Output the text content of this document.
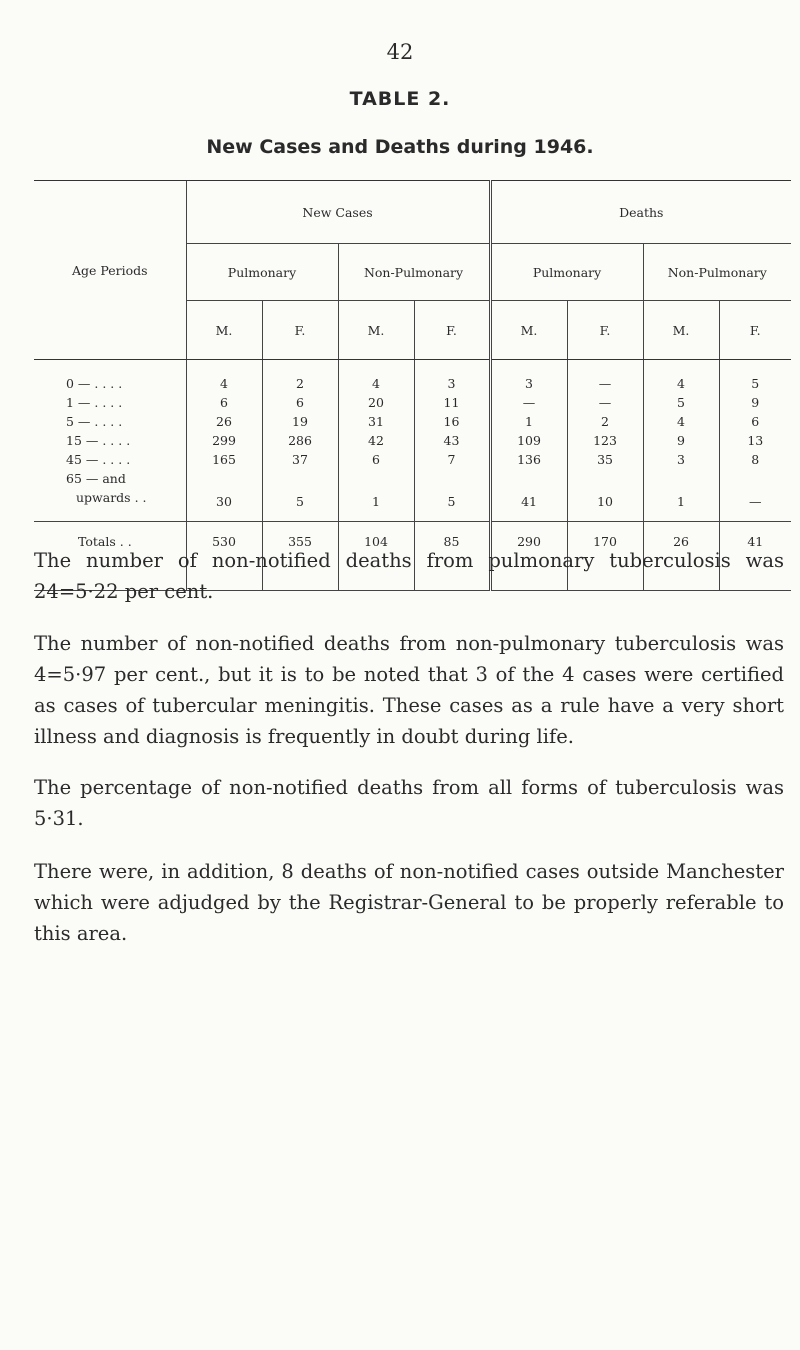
42
TABLE 2.
New Cases and Deaths during 1946.
Age Periods	New Cases				Deaths			
	Pulmonary		Non-Pulmonary		Pulmonary		Non-Pulmonary	
	M.	F.	M.	F.	M.	F.	M.	F.

0 — . . . .	4	2	4	3	3	—	4	5
1 — . . . .	6	6	20	11	—	—	5	9
5 — . . . .	26	19	31	16	1	2	4	6
15 — . . . .	299	286	42	43	109	123	9	13
45 — . . . .	165	37	6	7	136	35	3	8

65 — and
upwards . .	30	5	1	5	41	10	1	—

Totals . .	530	355	104	85	290	170	26	41

The number of non-notified deaths from pulmonary tuberculosis was 24=5·22 per cent.

The number of non-notified deaths from non-pulmonary tuberculosis was 4=5·97 per cent., but it is to be noted that 3 of the 4 cases were certified as cases of tubercular meningitis. These cases as a rule have a very short illness and diagnosis is frequently in doubt during life.

The percentage of non-notified deaths from all forms of tuberculosis was 5·31.

There were, in addition, 8 deaths of non-notified cases outside Manchester which were adjudged by the Registrar-General to be properly referable to this area.
